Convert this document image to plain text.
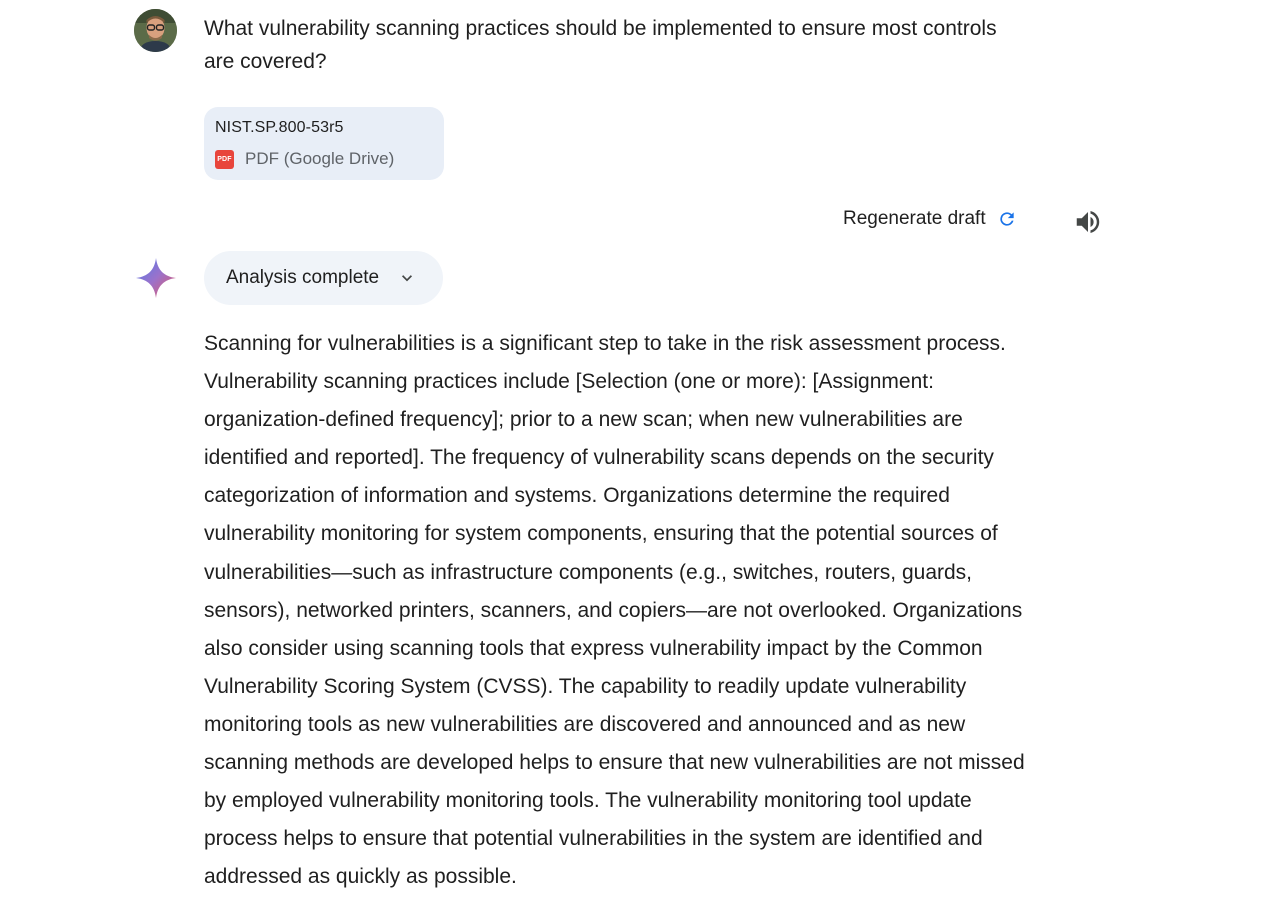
What vulnerability scanning practices should be implemented to ensure most controls are covered?
NIST.SP.800-53r5
PDF PDF (Google Drive)
Regenerate draft
Analysis complete
Scanning for vulnerabilities is a significant step to take in the risk assessment process. Vulnerability scanning practices include [Selection (one or more): [Assignment: organization-defined frequency]; prior to a new scan; when new vulnerabilities are identified and reported]. The frequency of vulnerability scans depends on the security categorization of information and systems. Organizations determine the required vulnerability monitoring for system components, ensuring that the potential sources of vulnerabilities—such as infrastructure components (e.g., switches, routers, guards, sensors), networked printers, scanners, and copiers—are not overlooked. Organizations also consider using scanning tools that express vulnerability impact by the Common Vulnerability Scoring System (CVSS). The capability to readily update vulnerability monitoring tools as new vulnerabilities are discovered and announced and as new scanning methods are developed helps to ensure that new vulnerabilities are not missed by employed vulnerability monitoring tools. The vulnerability monitoring tool update process helps to ensure that potential vulnerabilities in the system are identified and addressed as quickly as possible.
